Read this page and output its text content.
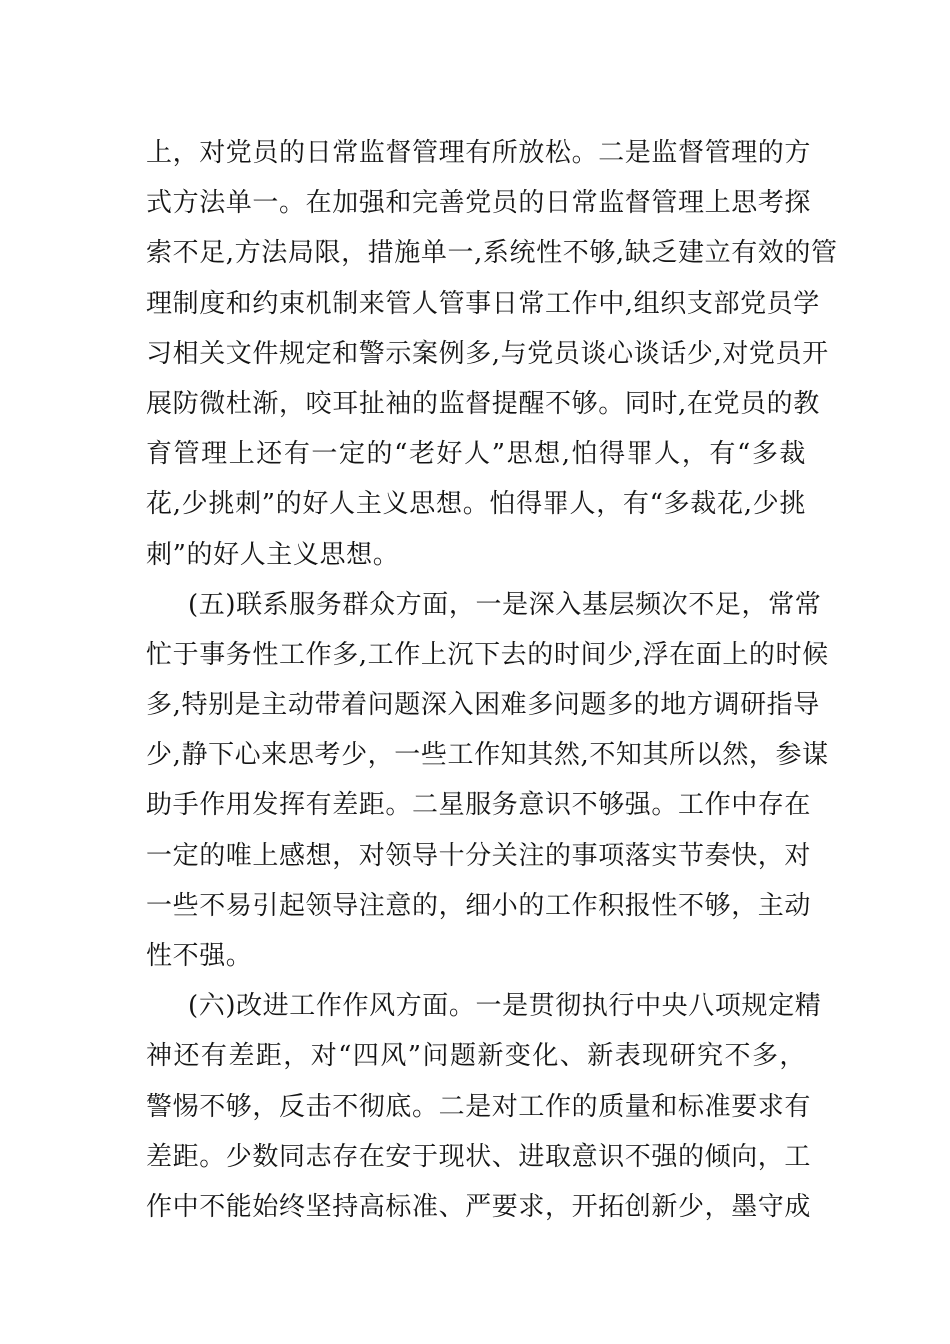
上，对党员的日常监督管理有所放松。二是监督管理的方
式方法单一。在加强和完善党员的日常监督管理上思考探
索不足,方法局限，措施单一,系统性不够,缺乏建立有效的管
理制度和约束机制来管人管事日常工作中,组织支部党员学
习相关文件规定和警示案例多,与党员谈心谈话少,对党员开
展防微杜渐，咬耳扯袖的监督提醒不够。同时,在党员的教
育管理上还有一定的“老好人”思想,怕得罪人，有“多裁
花,少挑刺”的好人主义思想。怕得罪人，有“多裁花,少挑
刺”的好人主义思想。
(五)联系服务群众方面，一是深入基层频次不足，常常
忙于事务性工作多,工作上沉下去的时间少,浮在面上的时候
多,特别是主动带着问题深入困难多问题多的地方调研指导
少,静下心来思考少，一些工作知其然,不知其所以然，参谋
助手作用发挥有差距。二星服务意识不够强。工作中存在
一定的唯上感想，对领导十分关注的事项落实节奏快，对
一些不易引起领导注意的，细小的工作积报性不够，主动
性不强。
(六)改进工作作风方面。一是贯彻执行中央八项规定精
神还有差距，对“四风”问题新变化、新表现研究不多，
警惕不够，反击不彻底。二是对工作的质量和标准要求有
差距。少数同志存在安于现状、进取意识不强的倾向，工
作中不能始终坚持高标准、严要求，开拓创新少，墨守成
